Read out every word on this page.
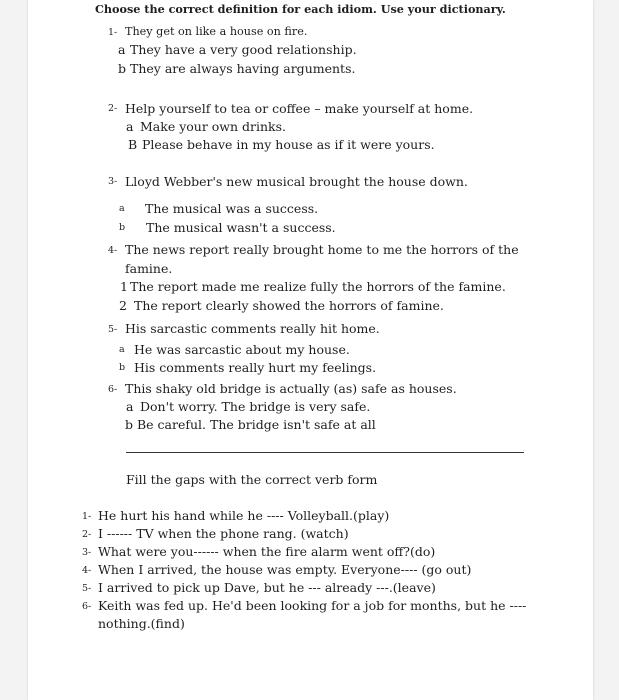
Choose the correct definition for each idiom. Use your dictionary.
1- They get on like a house on fire.
a They have a very good relationship.
b They are always having arguments.
2- Help yourself to tea or coffee – make yourself at home.
a Make your own drinks.
B Please behave in my house as if it were yours.
3- Lloyd Webber's new musical brought the house down.
a The musical was a success.
b The musical wasn't a success.
4- The news report really brought home to me the horrors of the
famine.
1 The report made me realize fully the horrors of the famine.
2 The report clearly showed the horrors of famine.
5- His sarcastic comments really hit home.
a He was sarcastic about my house.
b His comments really hurt my feelings.
6- This shaky old bridge is actually (as) safe as houses.
a Don't worry. The bridge is very safe.
b Be careful. The bridge isn't safe at all
Fill the gaps with the correct verb form
1- He hurt his hand while he ---- Volleyball.(play)
2- I ------ TV when the phone rang. (watch)
3- What were you------ when the fire alarm went off?(do)
4- When I arrived, the house was empty. Everyone---- (go out)
5- I arrived to pick up Dave, but he --- already ---.(leave)
6- Keith was fed up. He'd been looking for a job for months, but he ----
nothing.(find)
